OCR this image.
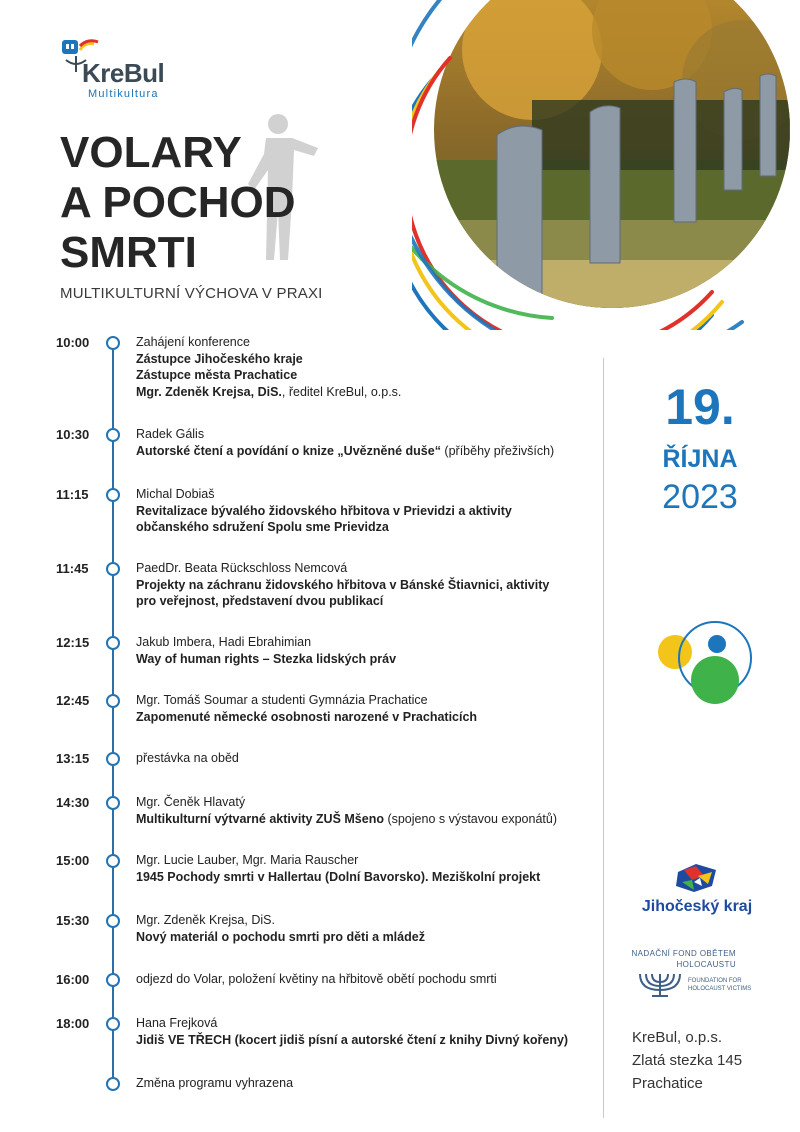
KreBul
Multikultura
VOLARY
A POCHOD
SMRTI
MULTIKULTURNÍ VÝCHOVA V PRAXI
10:00	Zahájení konference
Zástupce Jihočeského kraje
Zástupce města Prachatice
Mgr. Zdeněk Krejsa, DiS., ředitel KreBul, o.p.s.
10:30	Radek Gális
Autorské čtení a povídání o knize „Uvězněné duše“ (příběhy přeživších)
11:15	Michal Dobiaš
Revitalizace bývalého židovského hřbitova v Prievidzi a aktivity
občanského sdružení Spolu sme Prievidza
11:45	PaedDr. Beata Rückschloss Nemcová
Projekty na záchranu židovského hřbitova v Bánské Štiavnici, aktivity
pro veřejnost, představení dvou publikací
12:15	Jakub Imbera, Hadi Ebrahimian
Way of human rights – Stezka lidských práv
12:45	Mgr. Tomáš Soumar a studenti Gymnázia Prachatice
Zapomenuté německé osobnosti narozené v Prachaticích
13:15	přestávka na oběd
14:30	Mgr. Čeněk Hlavatý
Multikulturní výtvarné aktivity ZUŠ Mšeno (spojeno s výstavou exponátů)
15:00	Mgr. Lucie Lauber, Mgr. Maria Rauscher
1945 Pochody smrti v Hallertau (Dolní Bavorsko). Meziškolní projekt
15:30	Mgr. Zdeněk Krejsa, DiS.
Nový materiál o pochodu smrti pro děti a mládež
16:00	odjezd do Volar, položení květiny na hřbitově obětí pochodu smrti
18:00	Hana Frejková
Jidiš VE TŘECH (kocert jidiš písní a autorské čtení z knihy Divný kořeny)
Změna programu vyhrazena
19.
ŘÍJNA
2023
Jihočeský kraj
NADAČNÍ FOND OBĚTEM HOLOCAUSTU
FOUNDATION FOR HOLOCAUST VICTIMS
KreBul, o.p.s.
Zlatá stezka 145
Prachatice
